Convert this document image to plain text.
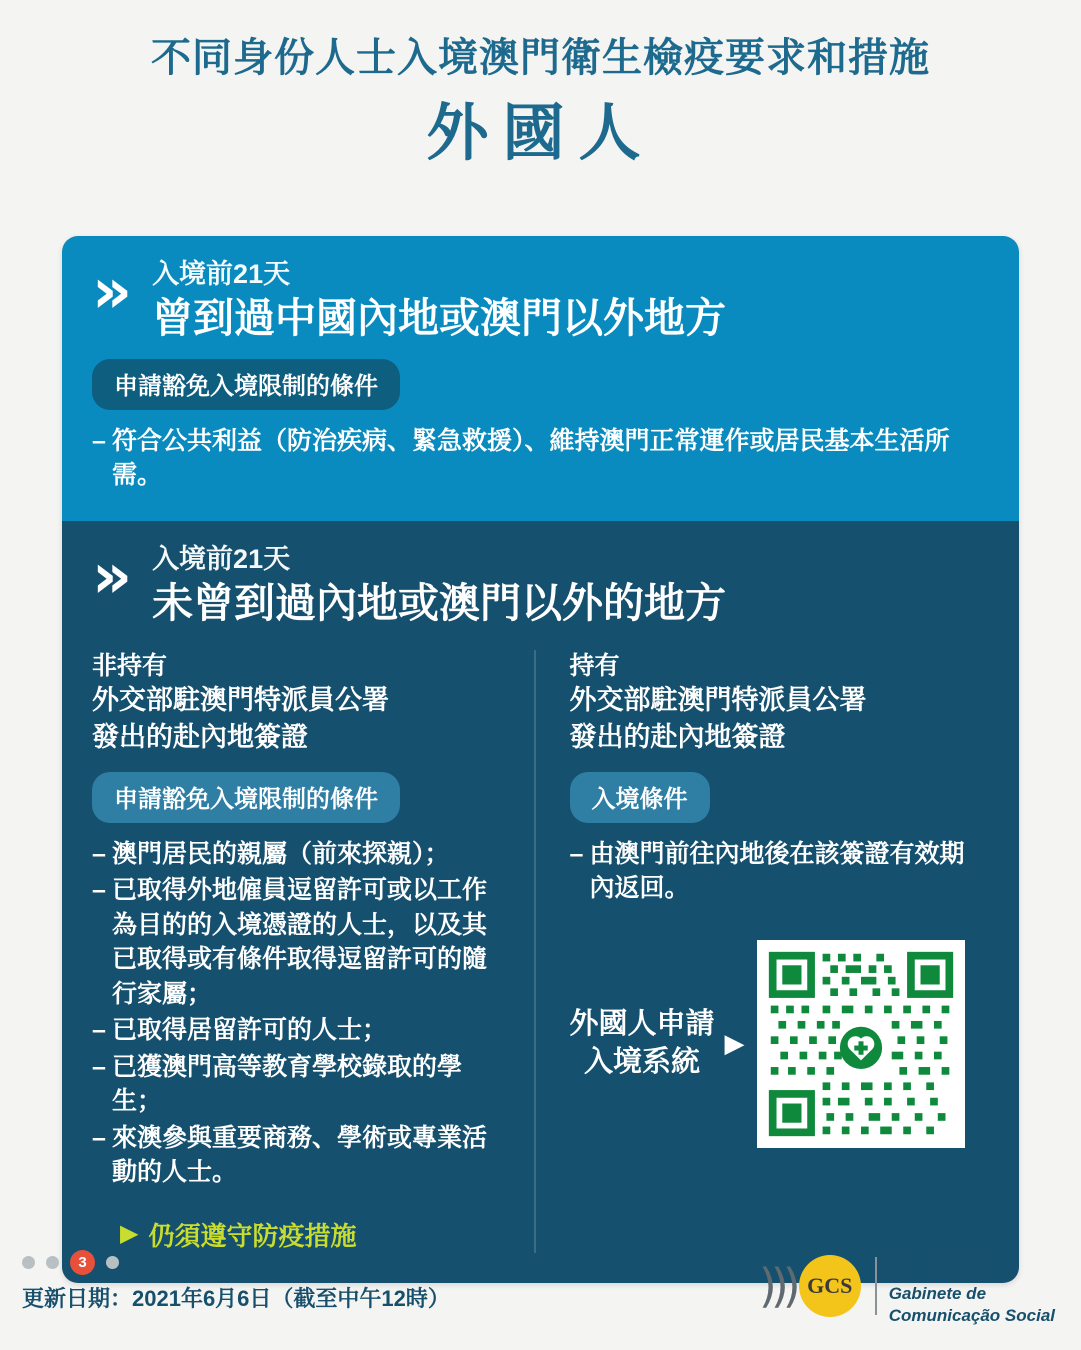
不同身份人士入境澳門衛生檢疫要求和措施
外國人
» 入境前21天
曾到過中國內地或澳門以外地方
申請豁免入境限制的條件
– 符合公共利益（防治疾病、緊急救援）、維持澳門正常運作或居民基本生活所需。
» 入境前21天
未曾到過內地或澳門以外的地方
非持有
外交部駐澳門特派員公署
發出的赴內地簽證
申請豁免入境限制的條件
– 澳門居民的親屬（前來探親）；
– 已取得外地僱員逗留許可或以工作為目的的入境憑證的人士，以及其已取得或有條件取得逗留許可的隨行家屬；
– 已取得居留許可的人士；
– 已獲澳門高等教育學校錄取的學生；
– 來澳參與重要商務、學術或專業活動的人士。
▶ 仍須遵守防疫措施
持有
外交部駐澳門特派員公署
發出的赴內地簽證
入境條件
– 由澳門前往內地後在該簽證有效期內返回。
外國人申請
入境系統
▶
3
更新日期：2021年6月6日（截至中午12時）	))) GCS
新·聞·局
Gabinete de
Comunicação Social
